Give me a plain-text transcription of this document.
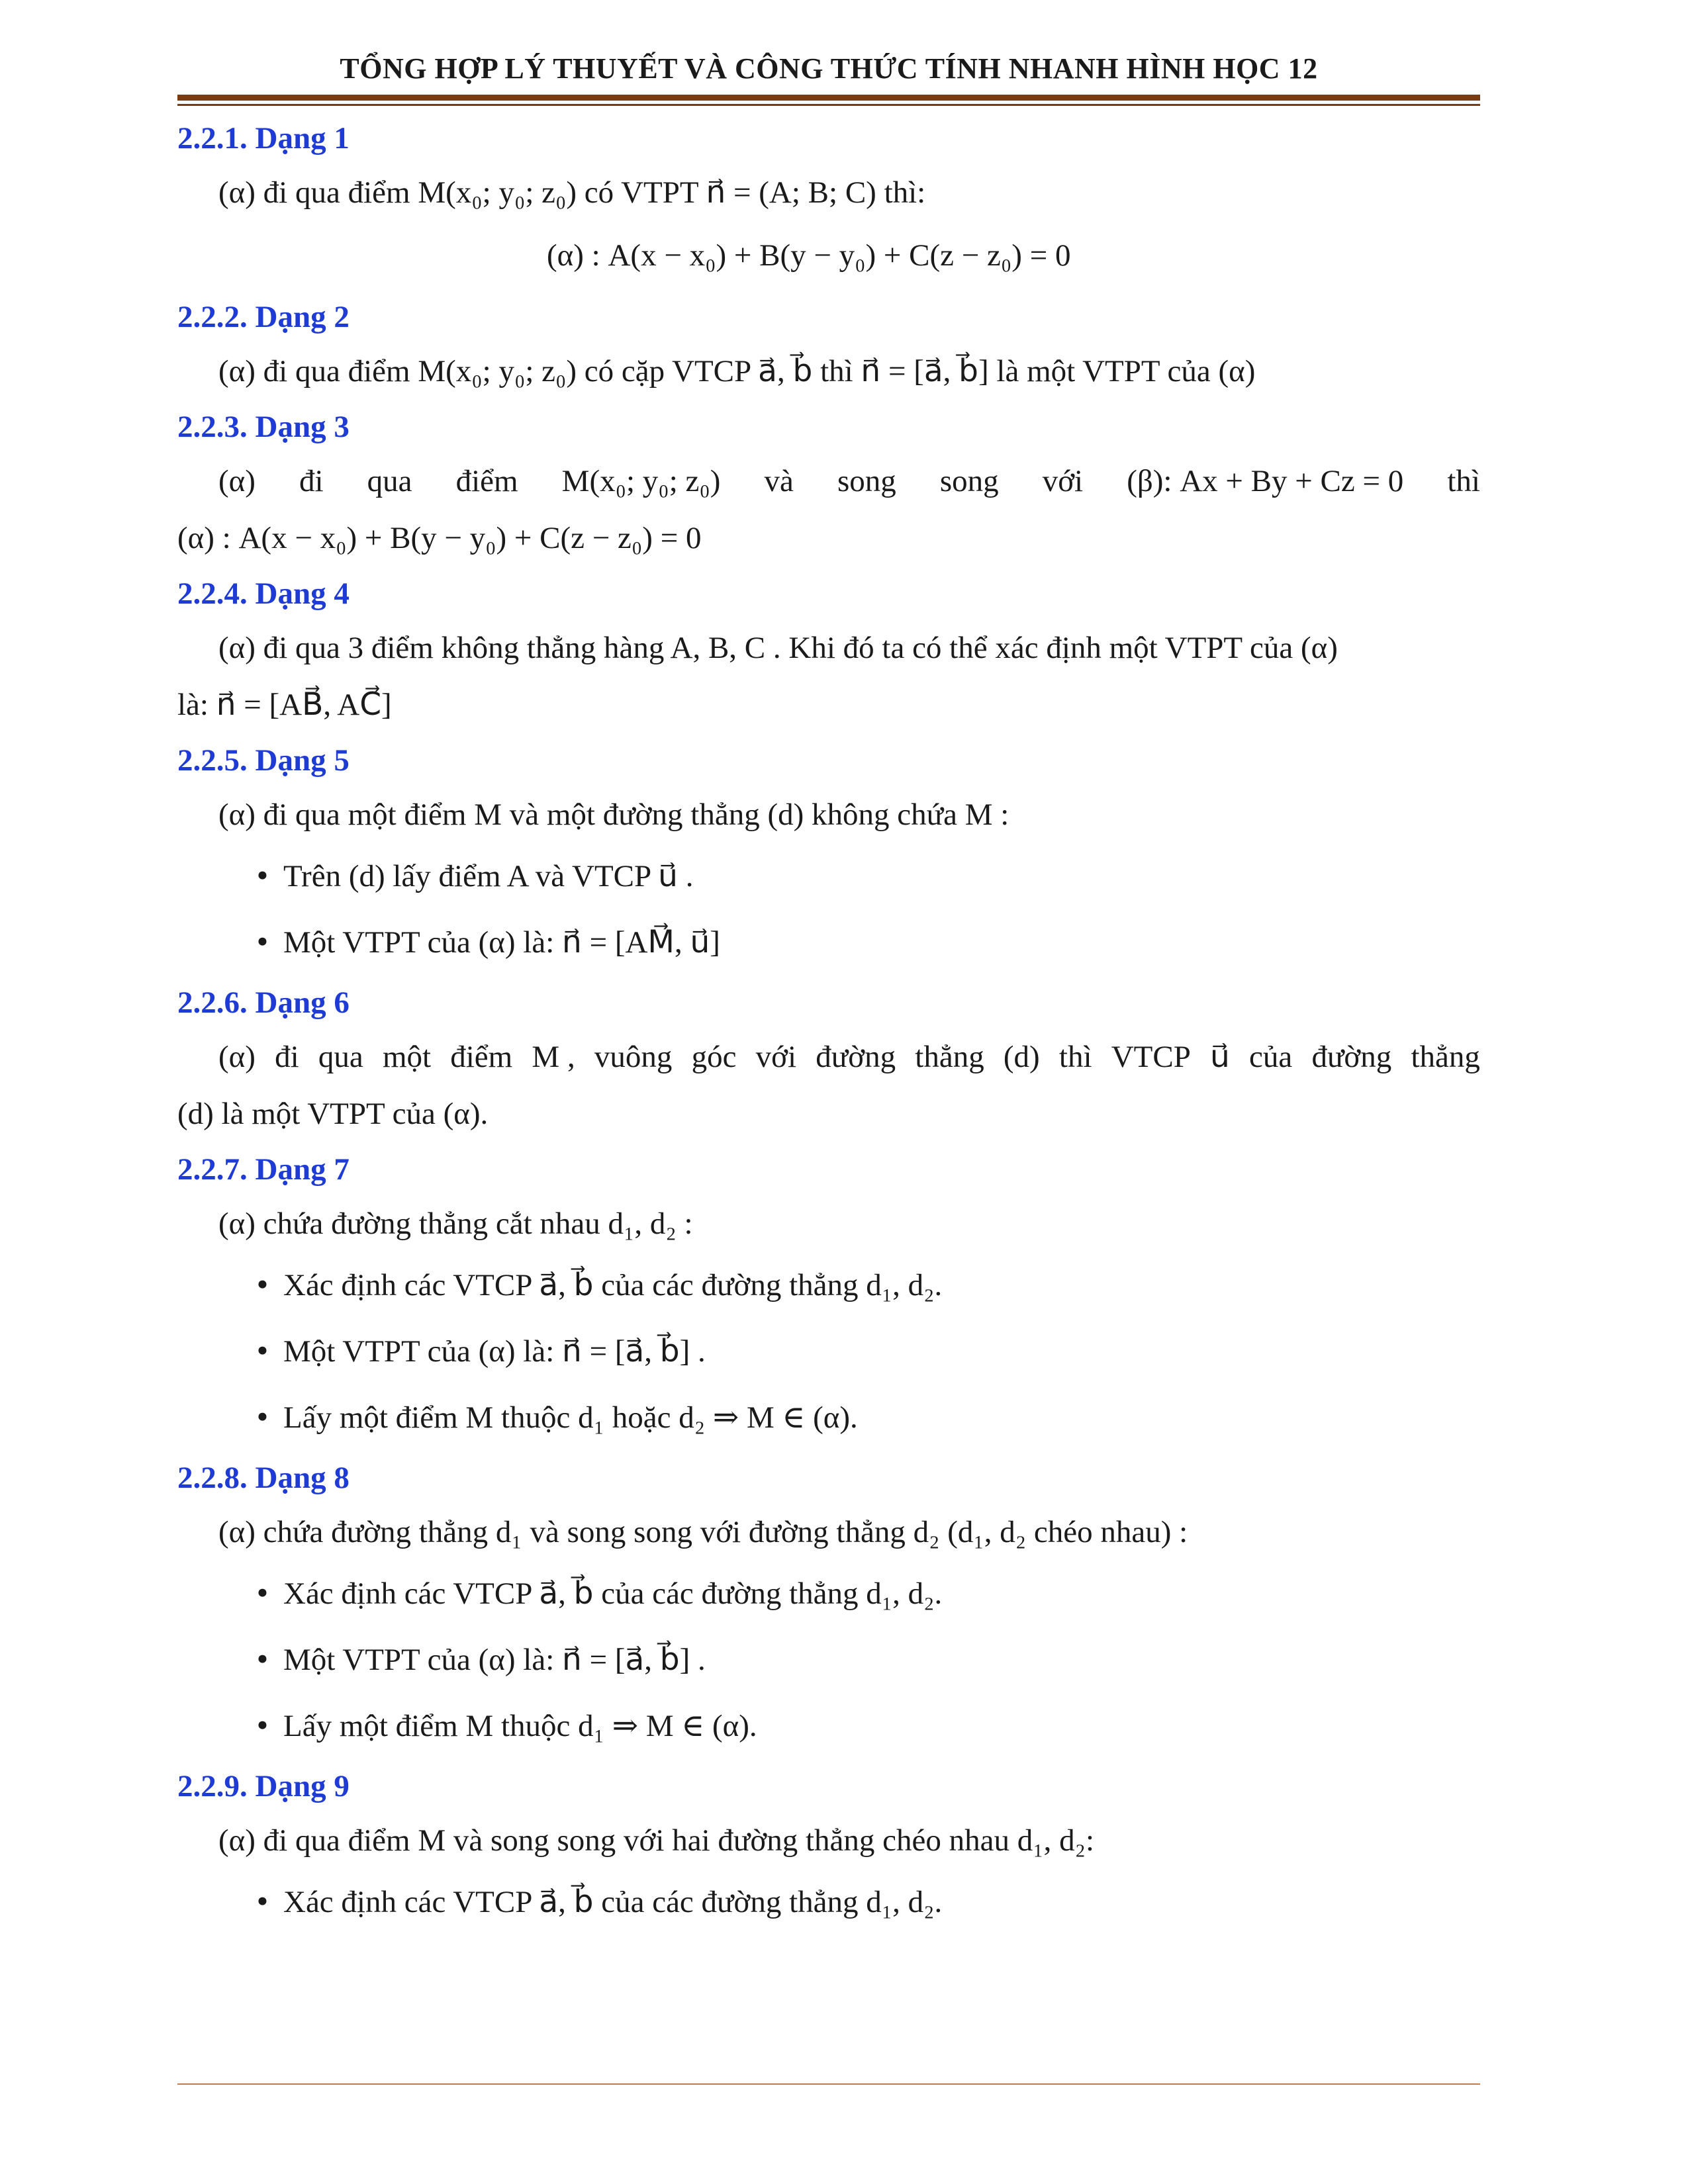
TỔNG HỢP LÝ THUYẾT VÀ CÔNG THỨC TÍNH NHANH HÌNH HỌC 12
2.2.1. Dạng 1
(α) đi qua điểm M(x₀; y₀; z₀) có VTPT n⃗ = (A; B; C) thì:
(α) : A(x − x₀) + B(y − y₀) + C(z − z₀) = 0
2.2.2. Dạng 2
(α) đi qua điểm M(x₀; y₀; z₀) có cặp VTCP a⃗, b⃗ thì n⃗ = [a⃗, b⃗] là một VTPT của (α)
2.2.3. Dạng 3
(α) đi qua điểm M(x₀; y₀; z₀) và song song với (β): Ax + By + Cz = 0 thì
(α) : A(x − x₀) + B(y − y₀) + C(z − z₀) = 0
2.2.4. Dạng 4
(α) đi qua 3 điểm không thẳng hàng A, B, C . Khi đó ta có thể xác định một VTPT của (α)
là: n⃗ = [AB⃗, AC⃗]
2.2.5. Dạng 5
(α) đi qua một điểm M và một đường thẳng (d) không chứa M :
● Trên (d) lấy điểm A và VTCP u⃗ .
● Một VTPT của (α) là: n⃗ = [AM⃗, u⃗]
2.2.6. Dạng 6
(α) đi qua một điểm M , vuông góc với đường thẳng (d) thì VTCP u⃗ của đường thẳng
(d) là một VTPT của (α).
2.2.7. Dạng 7
(α) chứa đường thẳng cắt nhau d₁, d₂ :
● Xác định các VTCP a⃗, b⃗ của các đường thẳng d₁, d₂.
● Một VTPT của (α) là: n⃗ = [a⃗, b⃗] .
● Lấy một điểm M thuộc d₁ hoặc d₂ ⇒ M ∈ (α).
2.2.8. Dạng 8
(α) chứa đường thẳng d₁ và song song với đường thẳng d₂ (d₁, d₂ chéo nhau) :
● Xác định các VTCP a⃗, b⃗ của các đường thẳng d₁, d₂.
● Một VTPT của (α) là: n⃗ = [a⃗, b⃗] .
● Lấy một điểm M thuộc d₁ ⇒ M ∈ (α).
2.2.9. Dạng 9
(α) đi qua điểm M và song song với hai đường thẳng chéo nhau d₁, d₂:
● Xác định các VTCP a⃗, b⃗ của các đường thẳng d₁, d₂.
